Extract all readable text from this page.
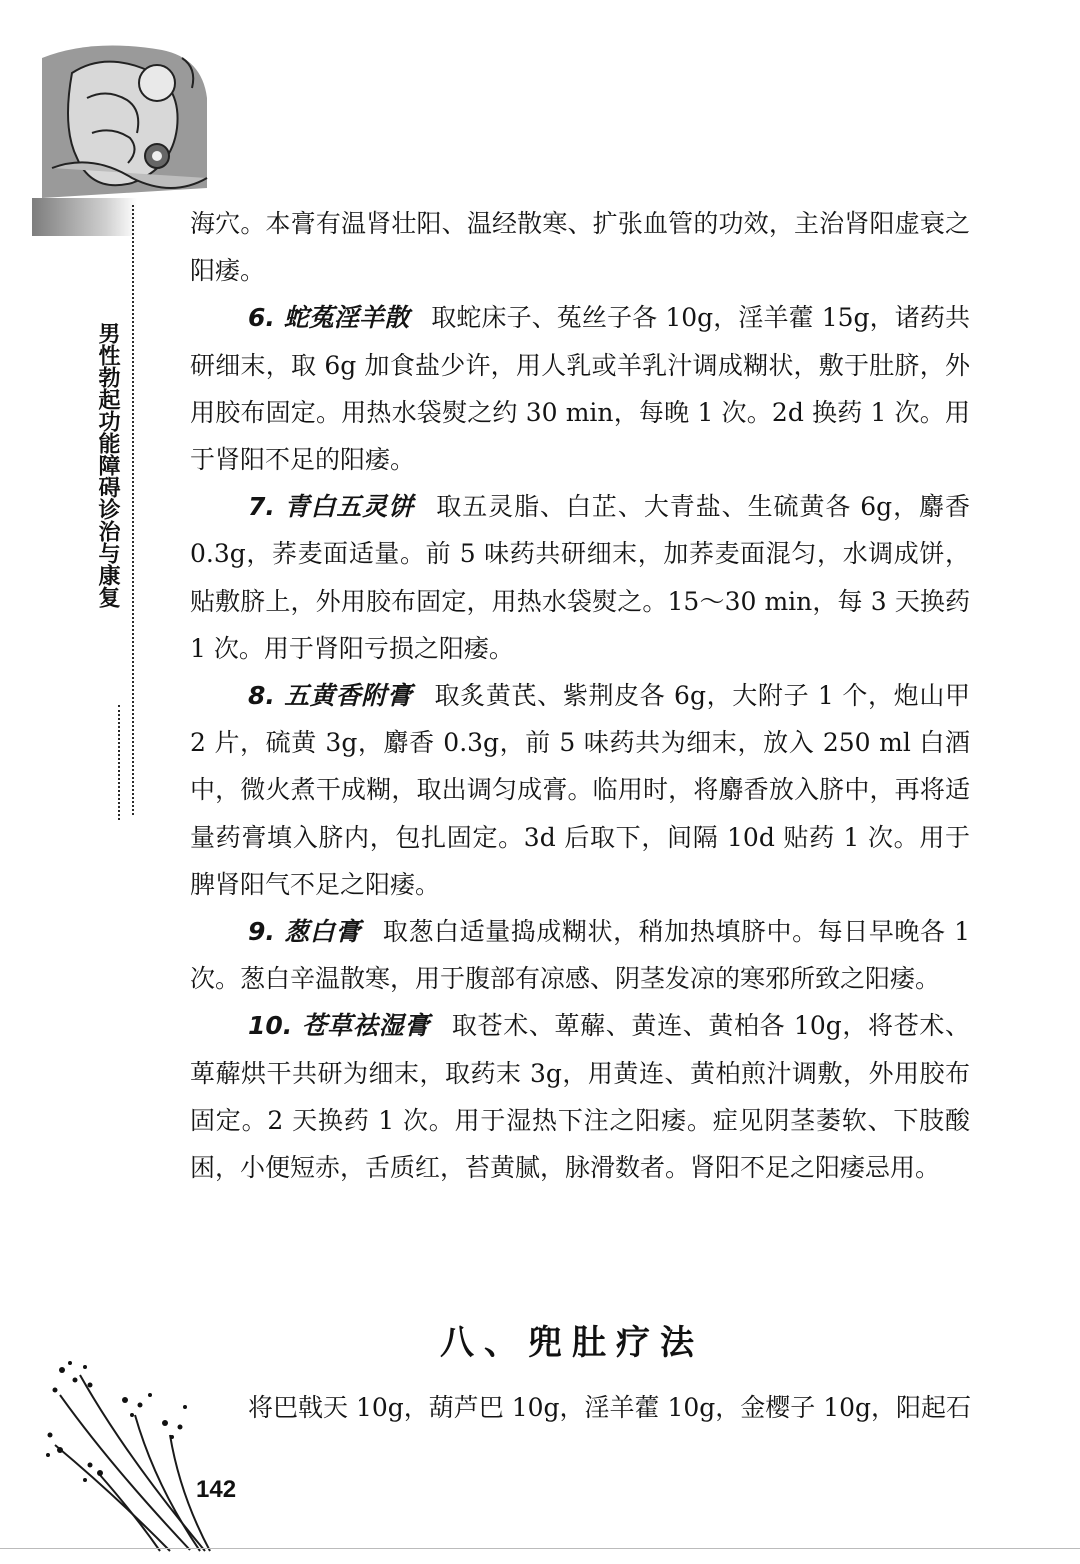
男性勃起功能障碍诊治与康复

海穴。本膏有温肾壮阳、温经散寒、扩张血管的功效，主治肾阳虚衰之阳痿。

6. 蛇菟淫羊散 取蛇床子、菟丝子各 10g，淫羊藿 15g，诸药共研细末，取 6g 加食盐少许，用人乳或羊乳汁调成糊状，敷于肚脐，外用胶布固定。用热水袋熨之约 30 min，每晚 1 次。2d 换药 1 次。用于肾阳不足的阳痿。

7. 青白五灵饼 取五灵脂、白芷、大青盐、生硫黄各 6g，麝香 0.3g，荞麦面适量。前 5 味药共研细末，加荞麦面混匀，水调成饼，贴敷脐上，外用胶布固定，用热水袋熨之。15～30 min，每 3 天换药 1 次。用于肾阳亏损之阳痿。

8. 五黄香附膏 取炙黄芪、紫荆皮各 6g，大附子 1 个，炮山甲 2 片，硫黄 3g，麝香 0.3g，前 5 味药共为细末，放入 250 ml 白酒中，微火煮干成糊，取出调匀成膏。临用时，将麝香放入脐中，再将适量药膏填入脐内，包扎固定。3d 后取下，间隔 10d 贴药 1 次。用于脾肾阳气不足之阳痿。

9. 葱白膏 取葱白适量捣成糊状，稍加热填脐中。每日早晚各 1 次。葱白辛温散寒，用于腹部有凉感、阴茎发凉的寒邪所致之阳痿。

10. 苍草祛湿膏 取苍术、萆薢、黄连、黄柏各 10g，将苍术、萆薢烘干共研为细末，取药末 3g，用黄连、黄柏煎汁调敷，外用胶布固定。2 天换药 1 次。用于湿热下注之阳痿。症见阴茎萎软、下肢酸困，小便短赤，舌质红，苔黄腻，脉滑数者。肾阳不足之阳痿忌用。

八、兜肚疗法
将巴戟天 10g，葫芦巴 10g，淫羊藿 10g，金樱子 10g，阳起石
142
